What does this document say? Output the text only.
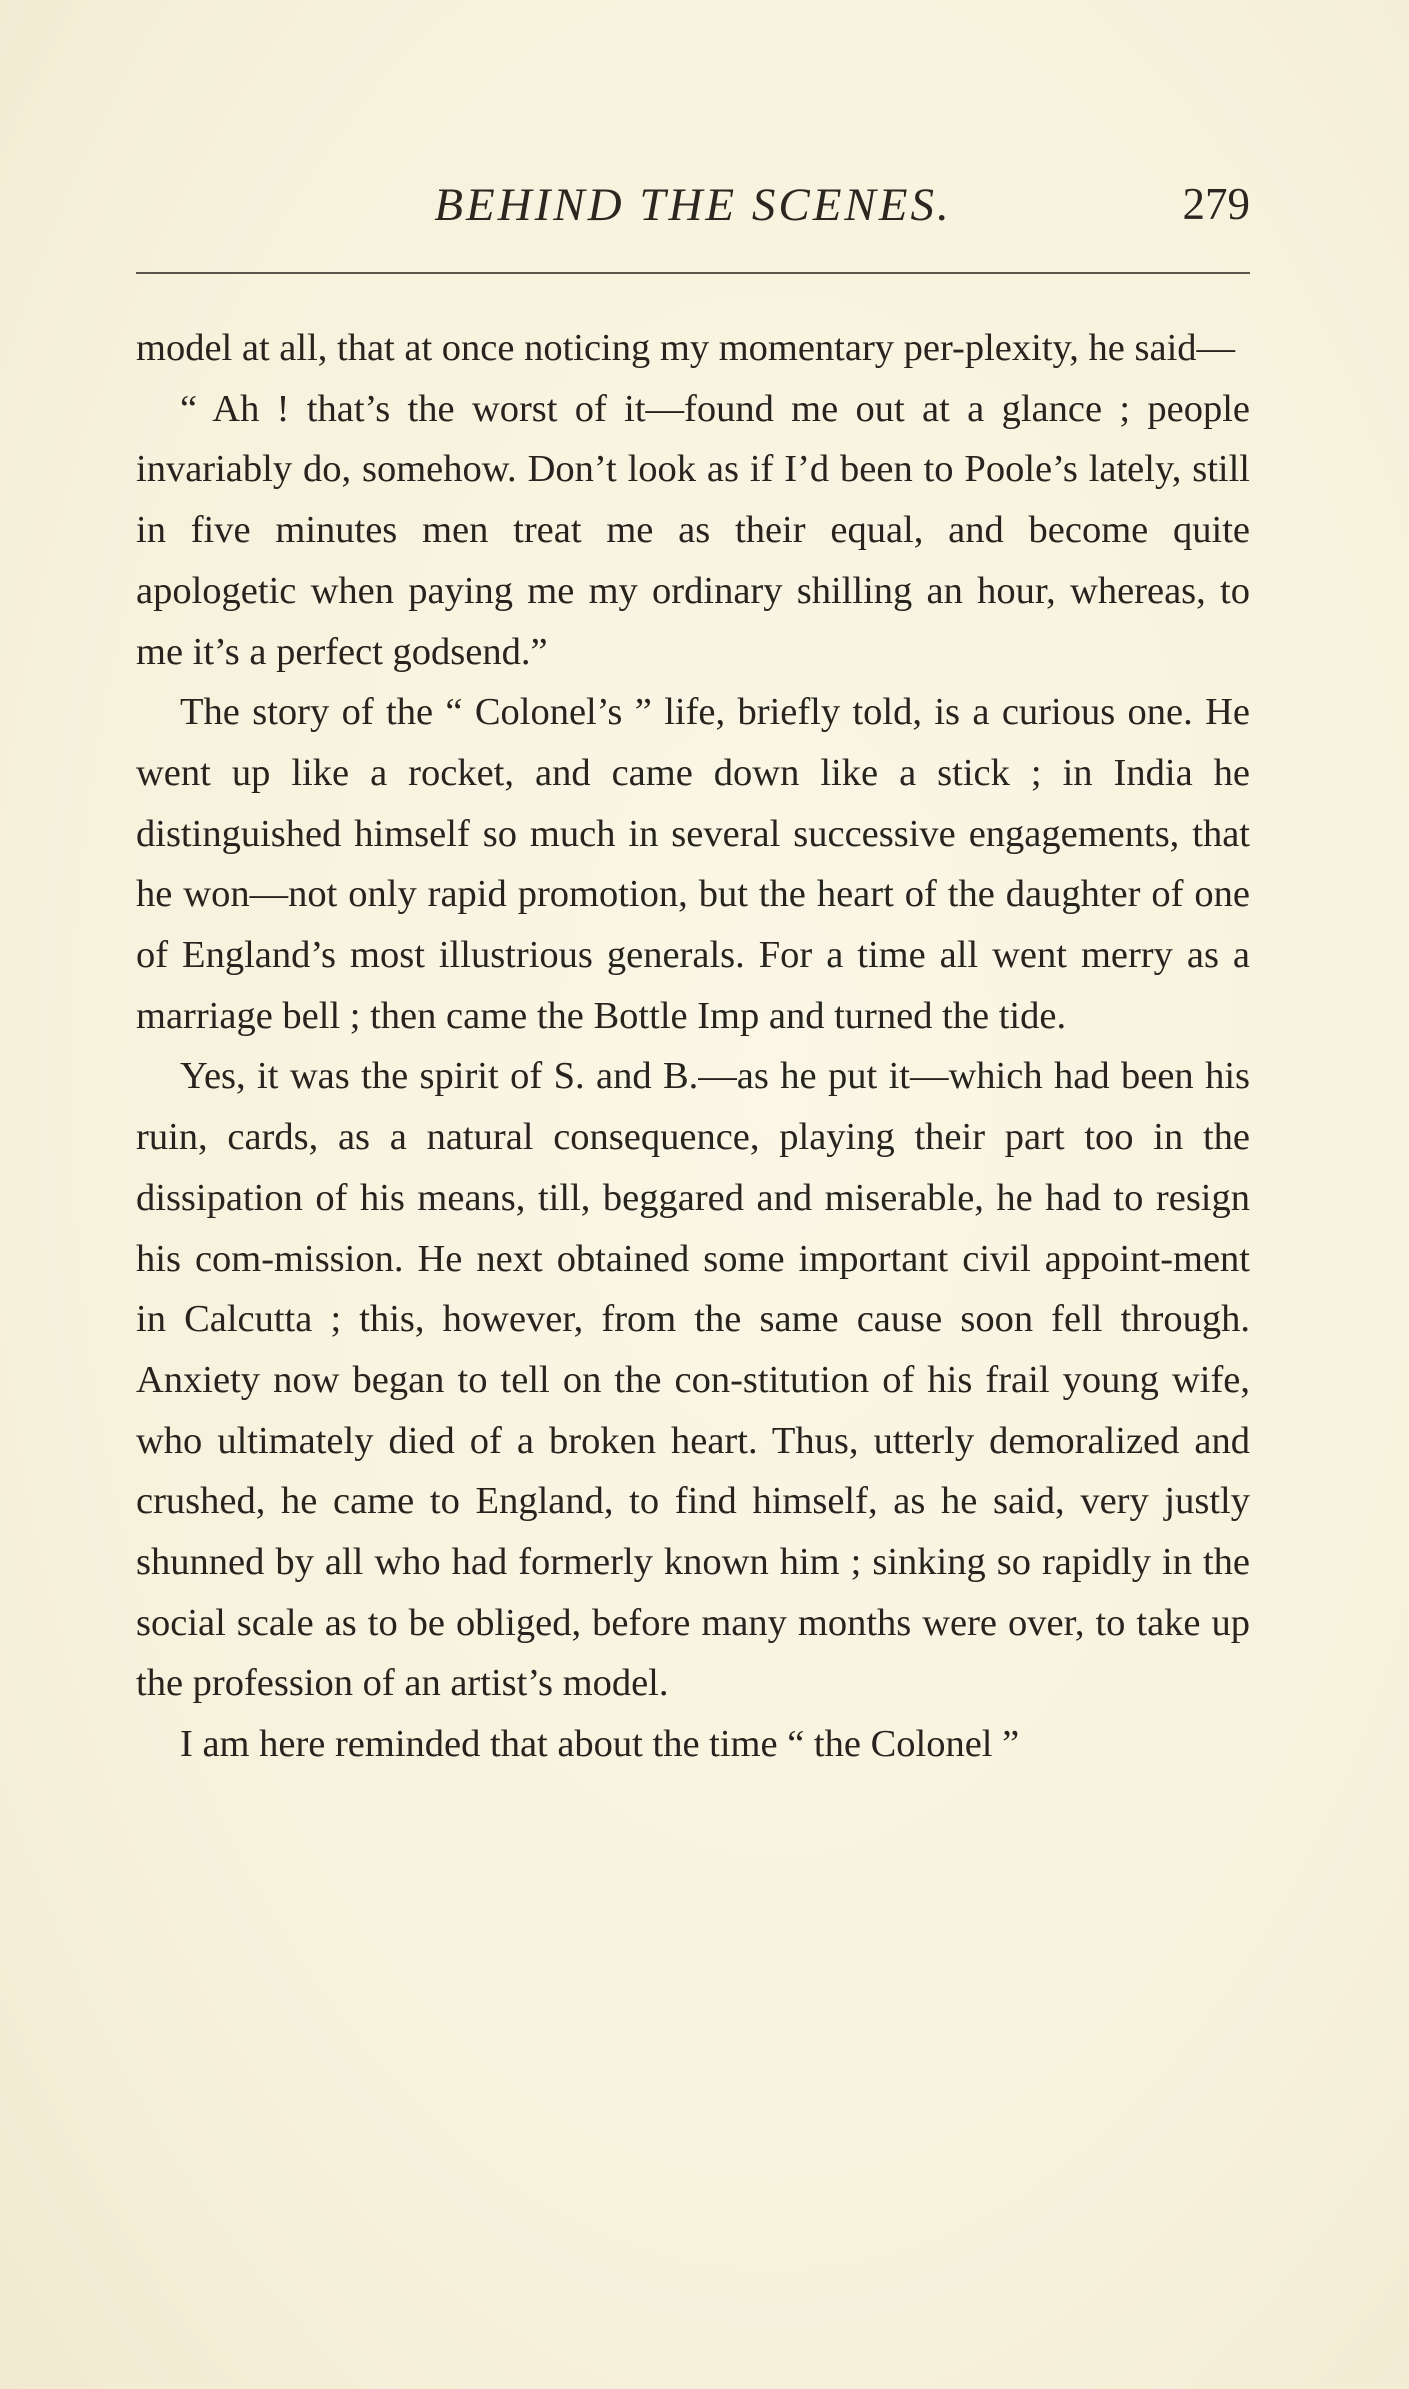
BEHIND THE SCENES.	279

model at all, that at once noticing my momentary per-plexity, he said—

“ Ah ! that’s the worst of it—found me out at a glance ; people invariably do, somehow. Don’t look as if I’d been to Poole’s lately, still in five minutes men treat me as their equal, and become quite apologetic when paying me my ordinary shilling an hour, whereas, to me it’s a perfect godsend.”

The story of the “ Colonel’s ” life, briefly told, is a curious one. He went up like a rocket, and came down like a stick ; in India he distinguished himself so much in several successive engagements, that he won—not only rapid promotion, but the heart of the daughter of one of England’s most illustrious generals. For a time all went merry as a marriage bell ; then came the Bottle Imp and turned the tide.

Yes, it was the spirit of S. and B.—as he put it—which had been his ruin, cards, as a natural consequence, playing their part too in the dissipation of his means, till, beggared and miserable, he had to resign his com-mission. He next obtained some important civil appoint-ment in Calcutta ; this, however, from the same cause soon fell through. Anxiety now began to tell on the con-stitution of his frail young wife, who ultimately died of a broken heart. Thus, utterly demoralized and crushed, he came to England, to find himself, as he said, very justly shunned by all who had formerly known him ; sinking so rapidly in the social scale as to be obliged, before many months were over, to take up the profession of an artist’s model.

I am here reminded that about the time “ the Colonel ”
